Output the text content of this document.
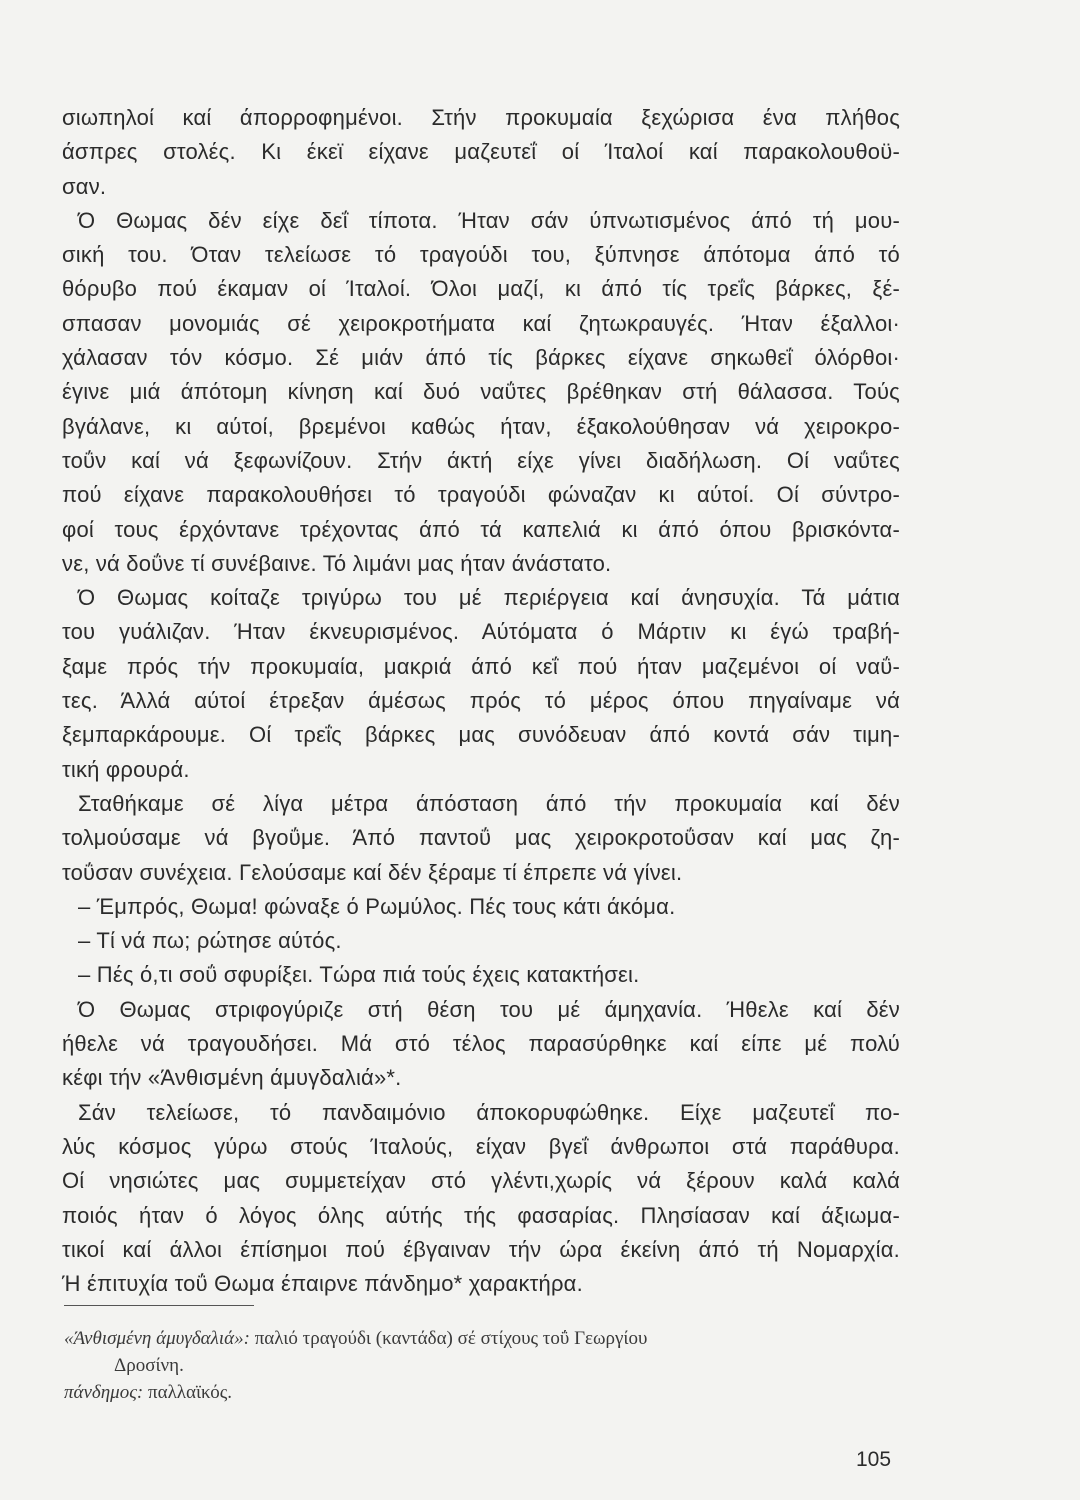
σιωπηλοί καί άπορροφημένοι. Στήν προκυμαία ξεχώρισα ένα πλήθος
άσπρες στολές. Κι έκεϊ είχανε μαζευτεΐ οί Ίταλοί καί παρακολουθοϋ-
σαν.
Ό Θωμας δέν είχε δεΐ τίποτα. Ήταν σάν ύπνωτισμένος άπό τή μου-
σική του. Όταν τελείωσε τό τραγούδι του, ξύπνησε άπότομα άπό τό
θόρυβο πού έκαμαν οί Ίταλοί. Όλοι μαζί, κι άπό τίς τρεΐς βάρκες, ξέ-
σπασαν μονομιάς σέ χειροκροτήματα καί ζητωκραυγές. Ήταν έξαλλοι·
χάλασαν τόν κόσμο. Σέ μιάν άπό τίς βάρκες είχανε σηκωθεΐ όλόρθοι·
έγινε μιά άπότομη κίνηση καί δυό ναΰτες βρέθηκαν στή θάλασσα. Τούς
βγάλανε, κι αύτοί, βρεμένοι καθώς ήταν, έξακολούθησαν νά χειροκρο-
τοΰν καί νά ξεφωνίζουν. Στήν άκτή είχε γίνει διαδήλωση. Οί ναΰτες
πού είχανε παρακολουθήσει τό τραγούδι φώναζαν κι αύτοί. Οί σύντρο-
φοί τους έρχόντανε τρέχοντας άπό τά καπελιά κι άπό όπου βρισκόντα-
νε, νά δοΰνε τί συνέβαινε. Τό λιμάνι μας ήταν άνάστατο.
Ό Θωμας κοίταζε τριγύρω του μέ περιέργεια καί άνησυχία. Τά μάτια
του γυάλιζαν. Ήταν έκνευρισμένος. Αύτόματα ό Μάρτιν κι έγώ τραβή-
ξαμε πρός τήν προκυμαία, μακριά άπό κεΐ πού ήταν μαζεμένοι οί ναΰ-
τες. Άλλά αύτοί έτρεξαν άμέσως πρός τό μέρος όπου πηγαίναμε νά
ξεμπαρκάρουμε. Οί τρεΐς βάρκες μας συνόδευαν άπό κοντά σάν τιμη-
τική φρουρά.
Σταθήκαμε σέ λίγα μέτρα άπόσταση άπό τήν προκυμαία καί δέν
τολμούσαμε νά βγοΰμε. Άπό παντοΰ μας χειροκροτοΰσαν καί μας ζη-
τοΰσαν συνέχεια. Γελούσαμε καί δέν ξέραμε τί έπρεπε νά γίνει.
– Έμπρός, Θωμα! φώναξε ό Ρωμύλος. Πές τους κάτι άκόμα.
– Τί νά πω; ρώτησε αύτός.
– Πές ό,τι σοΰ σφυρίξει. Τώρα πιά τούς έχεις κατακτήσει.
Ό Θωμας στριφογύριζε στή θέση του μέ άμηχανία. Ήθελε καί δέν
ήθελε νά τραγουδήσει. Μά στό τέλος παρασύρθηκε καί είπε μέ πολύ
κέφι τήν «Άνθισμένη άμυγδαλιά»*.
Σάν τελείωσε, τό πανδαιμόνιο άποκορυφώθηκε. Είχε μαζευτεΐ πο-
λύς κόσμος γύρω στούς Ίταλούς, είχαν βγεΐ άνθρωποι στά παράθυρα.
Οί νησιώτες μας συμμετείχαν στό γλέντι,χωρίς νά ξέρουν καλά καλά
ποιός ήταν ό λόγος όλης αύτής τής φασαρίας. Πλησίασαν καί άξιωμα-
τικοί καί άλλοι έπίσημοι πού έβγαιναν τήν ώρα έκείνη άπό τή Νομαρχία.
Ή έπιτυχία τοΰ Θωμα έπαιρνε πάνδημο* χαρακτήρα.
«Άνθισμένη άμυγδαλιά»: παλιό τραγούδι (καντάδα) σέ στίχους τοΰ Γεωργίου
Δροσίνη.
πάνδημος: παλλαϊκός.
105
